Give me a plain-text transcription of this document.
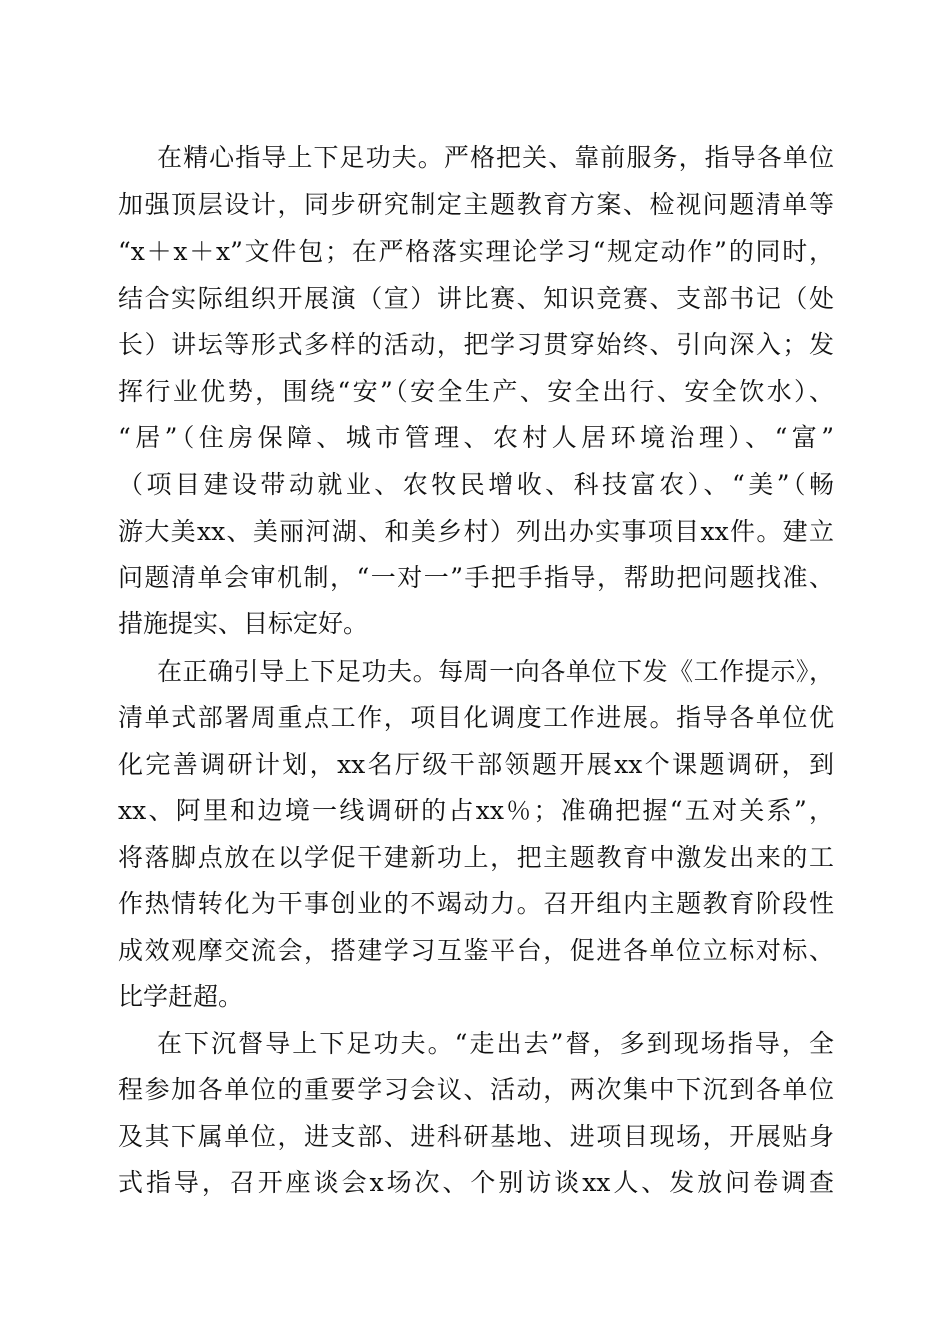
在精心指导上下足功夫。严格把关、靠前服务，指导各单位

加强顶层设计，同步研究制定主题教育方案、检视问题清单等

“x＋x＋x”文件包；在严格落实理论学习“规定动作”的同时，

结合实际组织开展演（宣）讲比赛、知识竞赛、支部书记（处

长）讲坛等形式多样的活动，把学习贯穿始终、引向深入；发

挥行业优势，围绕“安”（安全生产、安全出行、安全饮水）、

“居”（住房保障、城市管理、农村人居环境治理）、“富”

（项目建设带动就业、农牧民增收、科技富农）、“美”（畅

游大美xx、美丽河湖、和美乡村）列出办实事项目xx件。建立

问题清单会审机制，“一对一”手把手指导，帮助把问题找准、

措施提实、目标定好。

在正确引导上下足功夫。每周一向各单位下发《工作提示》，

清单式部署周重点工作，项目化调度工作进展。指导各单位优

化完善调研计划，xx名厅级干部领题开展xx个课题调研，到

xx、阿里和边境一线调研的占xx％；准确把握“五对关系”，

将落脚点放在以学促干建新功上，把主题教育中激发出来的工

作热情转化为干事创业的不竭动力。召开组内主题教育阶段性

成效观摩交流会，搭建学习互鉴平台，促进各单位立标对标、

比学赶超。

在下沉督导上下足功夫。“走出去”督，多到现场指导，全

程参加各单位的重要学习会议、活动，两次集中下沉到各单位

及其下属单位，进支部、进科研基地、进项目现场，开展贴身

式指导，召开座谈会x场次、个别访谈xx人、发放问卷调查
